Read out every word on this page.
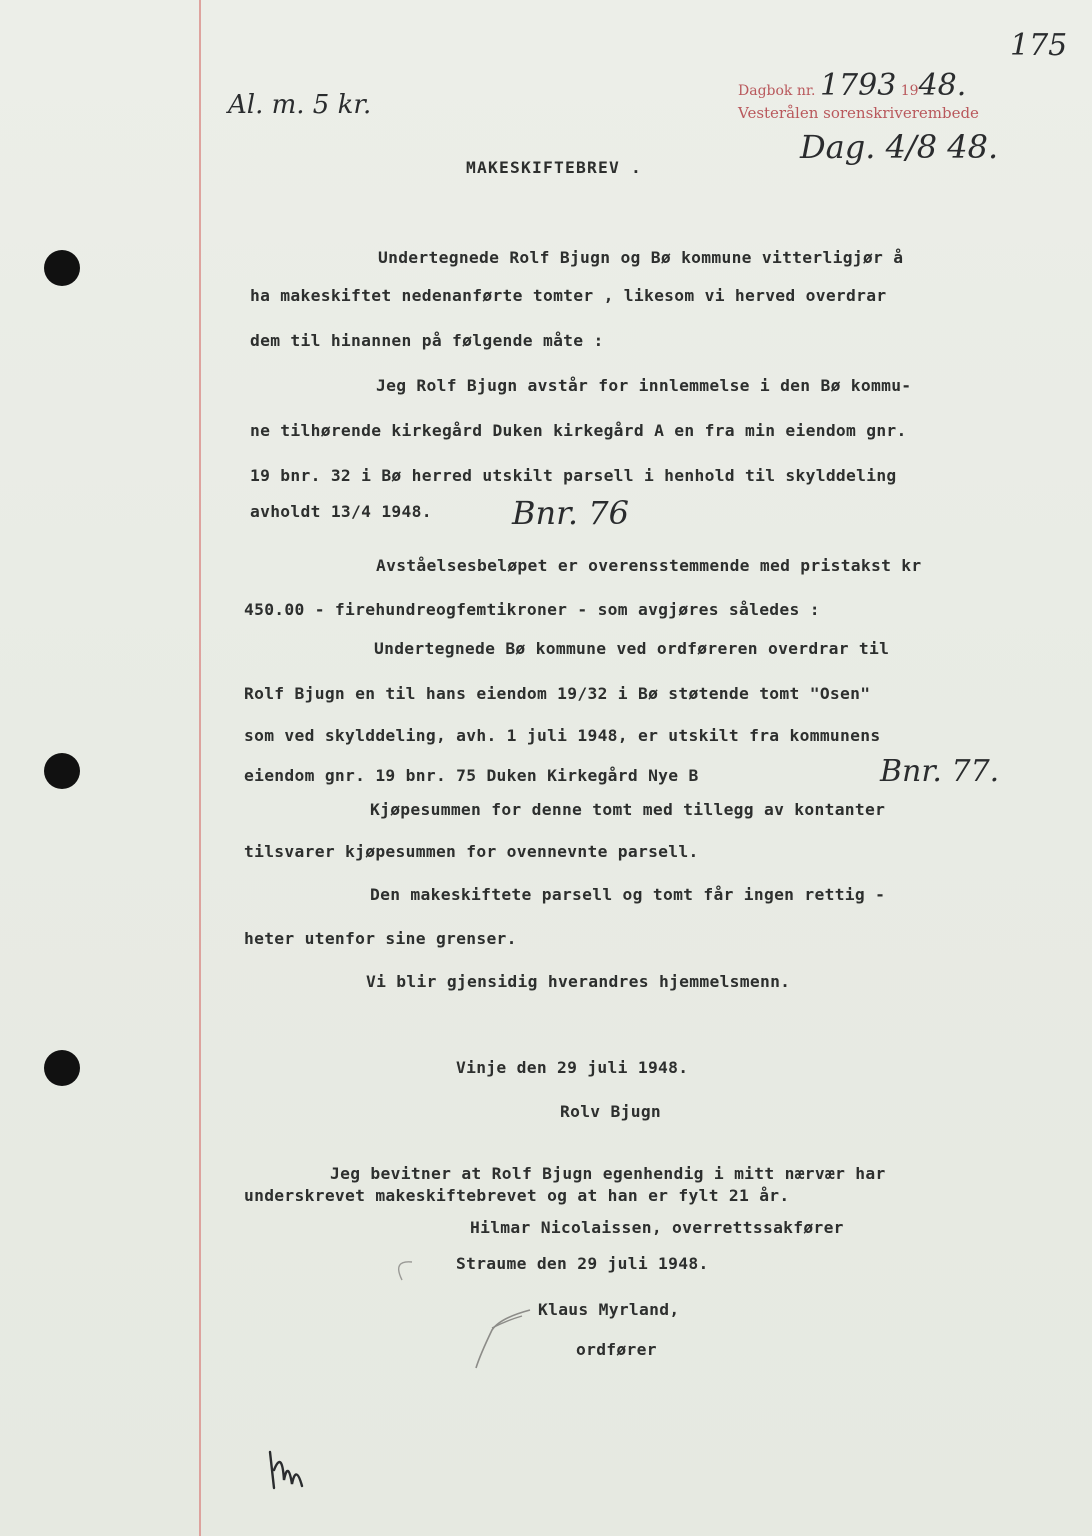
175
Al. m. 5 kr.	Dagbok nr. 1793 1948.
Vesterålen sorenskriverembede
Dag. 4/8 48.
MAKESKIFTEBREV .
Undertegnede Rolf Bjugn og Bø kommune vitterligjør å
ha makeskiftet nedenanførte tomter , likesom vi herved overdrar
dem til hinannen på følgende måte :
Jeg Rolf Bjugn avstår for innlemmelse i den Bø kommu-
ne tilhørende kirkegård Duken kirkegård A en fra min eiendom gnr.
19 bnr. 32 i Bø herred utskilt parsell i henhold til skylddeling
avholdt 13/4 1948.	Bnr. 76
Avståelsesbeløpet er overensstemmende med pristakst kr
450.00 - firehundreogfemtikroner - som avgjøres således :
Undertegnede Bø kommune ved ordføreren overdrar til
Rolf Bjugn en til hans eiendom 19/32 i Bø støtende tomt "Osen"
som ved skylddeling, avh. 1 juli 1948, er utskilt fra kommunens
eiendom gnr. 19 bnr. 75 Duken Kirkegård Nye B	Bnr. 77.
Kjøpesummen for denne tomt med tillegg av kontanter
tilsvarer kjøpesummen for ovennevnte parsell.
Den makeskiftete parsell og tomt får ingen rettig -
heter utenfor sine grenser.
Vi blir gjensidig hverandres hjemmelsmenn.
Vinje den 29 juli 1948.
Rolv Bjugn
Jeg bevitner at Rolf Bjugn egenhendig i mitt nærvær har
underskrevet makeskiftebrevet og at han er fylt 21 år.
Hilmar Nicolaissen, overrettssakfører
Straume den 29 juli 1948.
Klaus Myrland,
ordfører
